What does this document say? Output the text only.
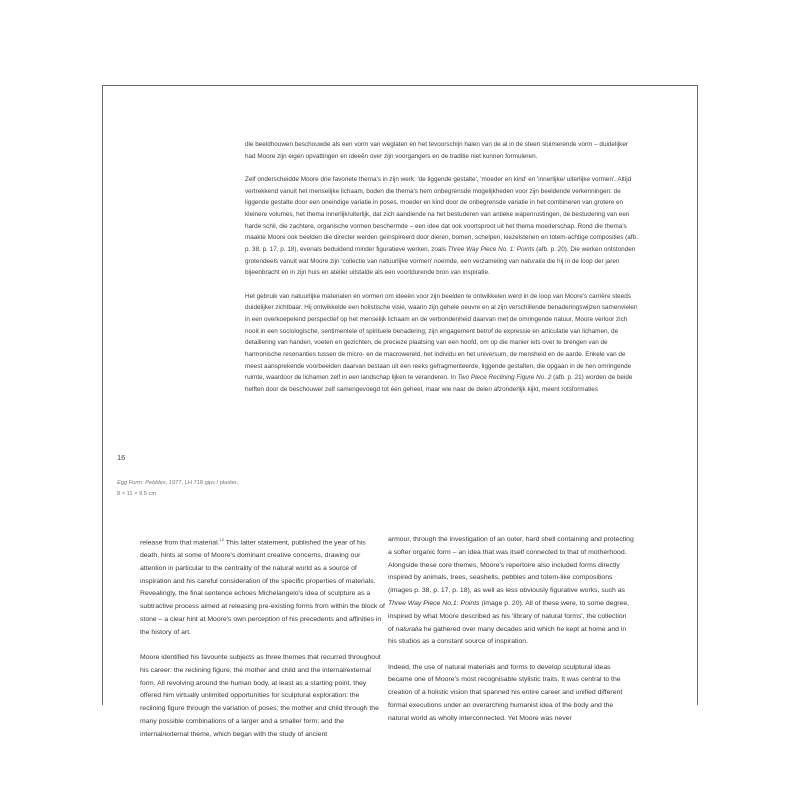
die beeldhouwen beschouwde als een vorm van weglaten en het tevoorschijn halen van de al in de steen sluimerende vorm – duidelijker had Moore zijn eigen opvattingen en ideeën over zijn voorgangers en de traditie niet kunnen formuleren.

Zelf onderscheidde Moore drie favoriete thema's in zijn werk: 'de liggende gestalte', 'moeder en kind' en 'innerlijke/ uiterlijke vormen'. Altijd vertrekkend vanuit het menselijke lichaam, boden die thema's hem onbegrensde mogelijkheden voor zijn beeldende verkenningen: de liggende gestalte door een oneindige variatie in poses, moeder en kind door de onbegrensde variatie in het combineren van grotere en kleinere volumes, het thema innerlijk/uiterlijk, dat zich aandiende na het bestuderen van antieke wapenrustingen, de bestudering van een harde schil, die zachtere, organische vormen beschermde – een idee dat ook voortsproot uit het thema moederschap. Rond die thema's maakte Moore ook beelden die directer werden geïnspireerd door dieren, bomen, schelpen, kiezelstenen en totem-achtige composities (afb. p. 38, p. 17, p. 18), evenals beduidend minder figuratieve werken, zoals Three Way Piece No. 1: Points (afb. p. 20). Die werken ontstonden grotendeels vanuit wat Moore zijn 'collectie van natuurlijke vormen' noemde, een verzameling van naturalia die hij in de loop der jaren bijeenbracht en in zijn huis en atelier uitstalde als een voortdurende bron van inspiratie.

Het gebruik van natuurlijke materialen en vormen om ideeën voor zijn beelden te ontwikkelen werd in de loop van Moore's carrière steeds duidelijker zichtbaar. Hij ontwikkelde een holistische visie, waarin zijn gehele oeuvre en al zijn verschillende benaderingswijzen samenvielen in een overkoepelend perspectief op het menselijk lichaam en de verbondenheid daarvan met de omringende natuur. Moore verloor zich nooit in een sociologische, sentimentele of spirituele benadering; zijn engagement betrof de expressie en articulatie van lichamen, de detaillering van handen, voeten en gezichten, de precieze plaatsing van een hoofd, om op die manier iets over te brengen van de harmonische resonanties tussen de micro- en de macrowereld, het individu en het universum, de mensheid en de aarde. Enkele van de meest aansprekende voorbeelden daarvan bestaan uit een reeks gefragmenteerde, liggende gestalten, die opgaan in de hen omringende ruimte, waardoor de lichamen zelf in een landschap lijken te veranderen. In Two Piece Reclining Figure No. 2 (afb. p. 21) worden de beide helften door de beschouwer zelf samengevoegd tot één geheel, maar wie naar de delen afzonderlijk kijkt, meent rotsformaties

16
Egg Form: Pebbles, 1977, LH 718 gips / plaster,
8 × 11 × 9.5 cm

release from that material.$^{12}$ This latter statement, published the year of his death, hints at some of Moore's dominant creative concerns, drawing our attention in particular to the centrality of the natural world as a source of inspiration and his careful consideration of the specific properties of materials. Revealingly, the final sentence echoes Michelangelo's idea of sculpture as a subtractive process aimed at releasing pre-existing forms from within the block of stone – a clear hint at Moore's own perception of his precedents and affinities in the history of art.

Moore identified his favourite subjects as three themes that recurred throughout his career: the reclining figure, the mother and child and the internal/external form. All revolving around the human body, at least as a starting point, they offered him virtually unlimited opportunities for sculptural exploration: the reclining figure through the variation of poses; the mother and child through the many possible combinations of a larger and a smaller form; and the internal/external theme, which began with the study of ancient

armour, through the investigation of an outer, hard shell containing and protecting a softer organic form – an idea that was itself connected to that of motherhood. Alongside these core themes, Moore's repertoire also included forms directly inspired by animals, trees, seashells, pebbles and totem-like compositions (images p. 38, p. 17, p. 18), as well as less obviously figurative works, such as Three Way Piece No.1: Points (image p. 20). All of these were, to some degree, inspired by what Moore described as his 'library of natural forms', the collection of naturalia he gathered over many decades and which he kept at home and in his studios as a constant source of inspiration.

Indeed, the use of natural materials and forms to develop sculptural ideas became one of Moore's most recognisable stylistic traits. It was central to the creation of a holistic vision that spanned his entire career and unified different formal executions under an overarching humanist idea of the body and the natural world as wholly interconnected. Yet Moore was never
